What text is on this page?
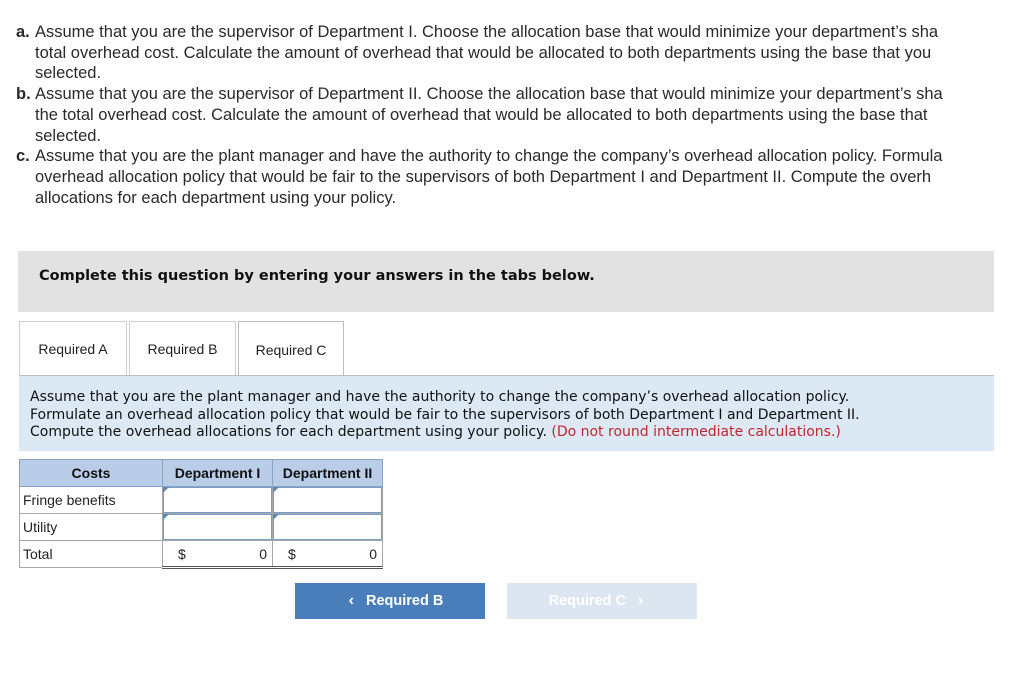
a. Assume that you are the supervisor of Department I. Choose the allocation base that would minimize your department’s sha
total overhead cost. Calculate the amount of overhead that would be allocated to both departments using the base that you
selected.
b. Assume that you are the supervisor of Department II. Choose the allocation base that would minimize your department’s sha
the total overhead cost. Calculate the amount of overhead that would be allocated to both departments using the base that
selected.
c. Assume that you are the plant manager and have the authority to change the company’s overhead allocation policy. Formula
overhead allocation policy that would be fair to the supervisors of both Department I and Department II. Compute the overh
allocations for each department using your policy.
Complete this question by entering your answers in the tabs below.
Required A	Required B	Required C
Assume that you are the plant manager and have the authority to change the company’s overhead allocation policy.
Formulate an overhead allocation policy that would be fair to the supervisors of both Department I and Department II.
Compute the overhead allocations for each department using your policy. (Do not round intermediate calculations.)
Costs	Department I	Department II
Fringe benefits	

Utility	

Total	$ 0	$ 0
‹ Required B	Required C ›
